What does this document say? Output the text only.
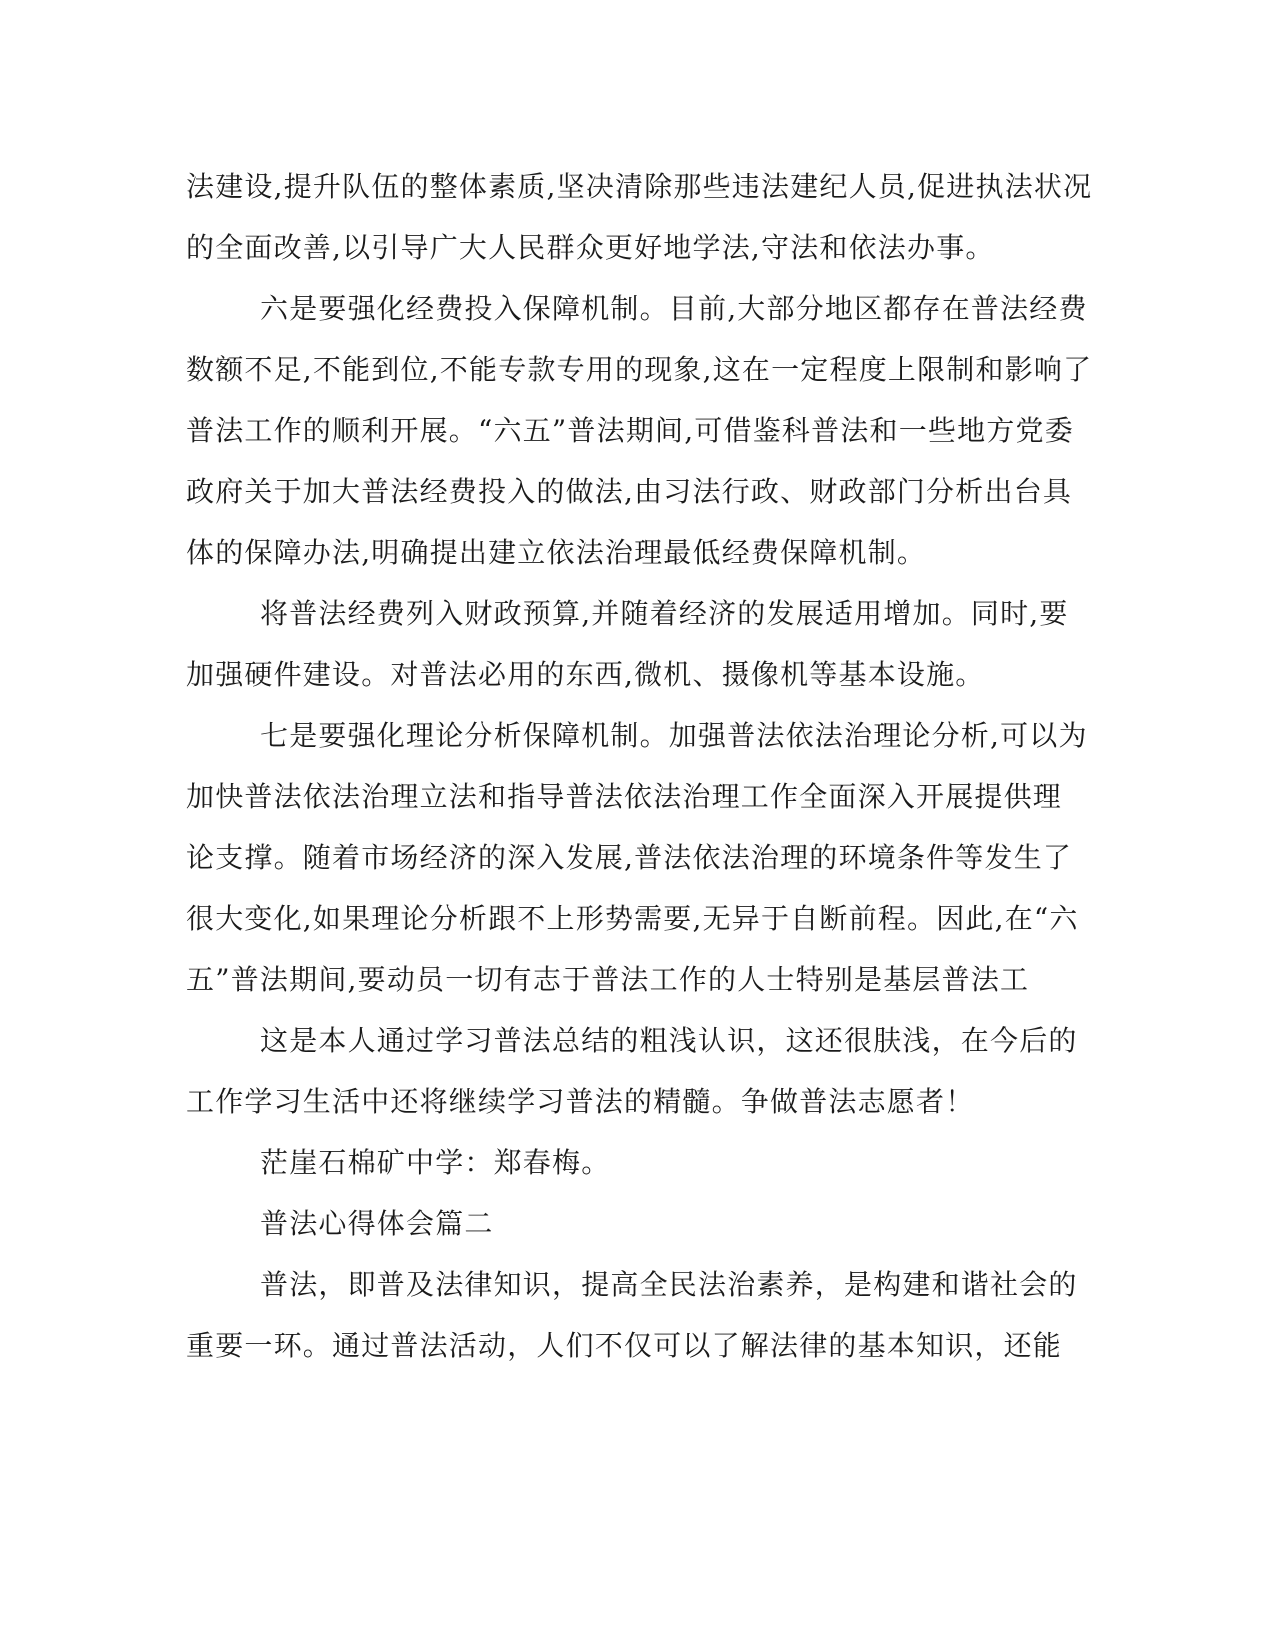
法建设,提升队伍的整体素质,坚决清除那些违法建纪人员,促进执法状况

的全面改善,以引导广大人民群众更好地学法,守法和依法办事。

六是要强化经费投入保障机制。目前,大部分地区都存在普法经费

数额不足,不能到位,不能专款专用的现象,这在一定程度上限制和影响了

普法工作的顺利开展。“六五”普法期间,可借鉴科普法和一些地方党委

政府关于加大普法经费投入的做法,由习法行政、财政部门分析出台具

体的保障办法,明确提出建立依法治理最低经费保障机制。

将普法经费列入财政预算,并随着经济的发展适用增加。同时,要

加强硬件建设。对普法必用的东西,微机、摄像机等基本设施。

七是要强化理论分析保障机制。加强普法依法治理论分析,可以为

加快普法依法治理立法和指导普法依法治理工作全面深入开展提供理

论支撑。随着市场经济的深入发展,普法依法治理的环境条件等发生了

很大变化,如果理论分析跟不上形势需要,无异于自断前程。因此,在“六

五”普法期间,要动员一切有志于普法工作的人士特别是基层普法工

这是本人通过学习普法总结的粗浅认识，这还很肤浅，在今后的

工作学习生活中还将继续学习普法的精髓。争做普法志愿者！

茫崖石棉矿中学：郑春梅。

普法心得体会篇二

普法，即普及法律知识，提高全民法治素养，是构建和谐社会的

重要一环。通过普法活动，人们不仅可以了解法律的基本知识，还能
